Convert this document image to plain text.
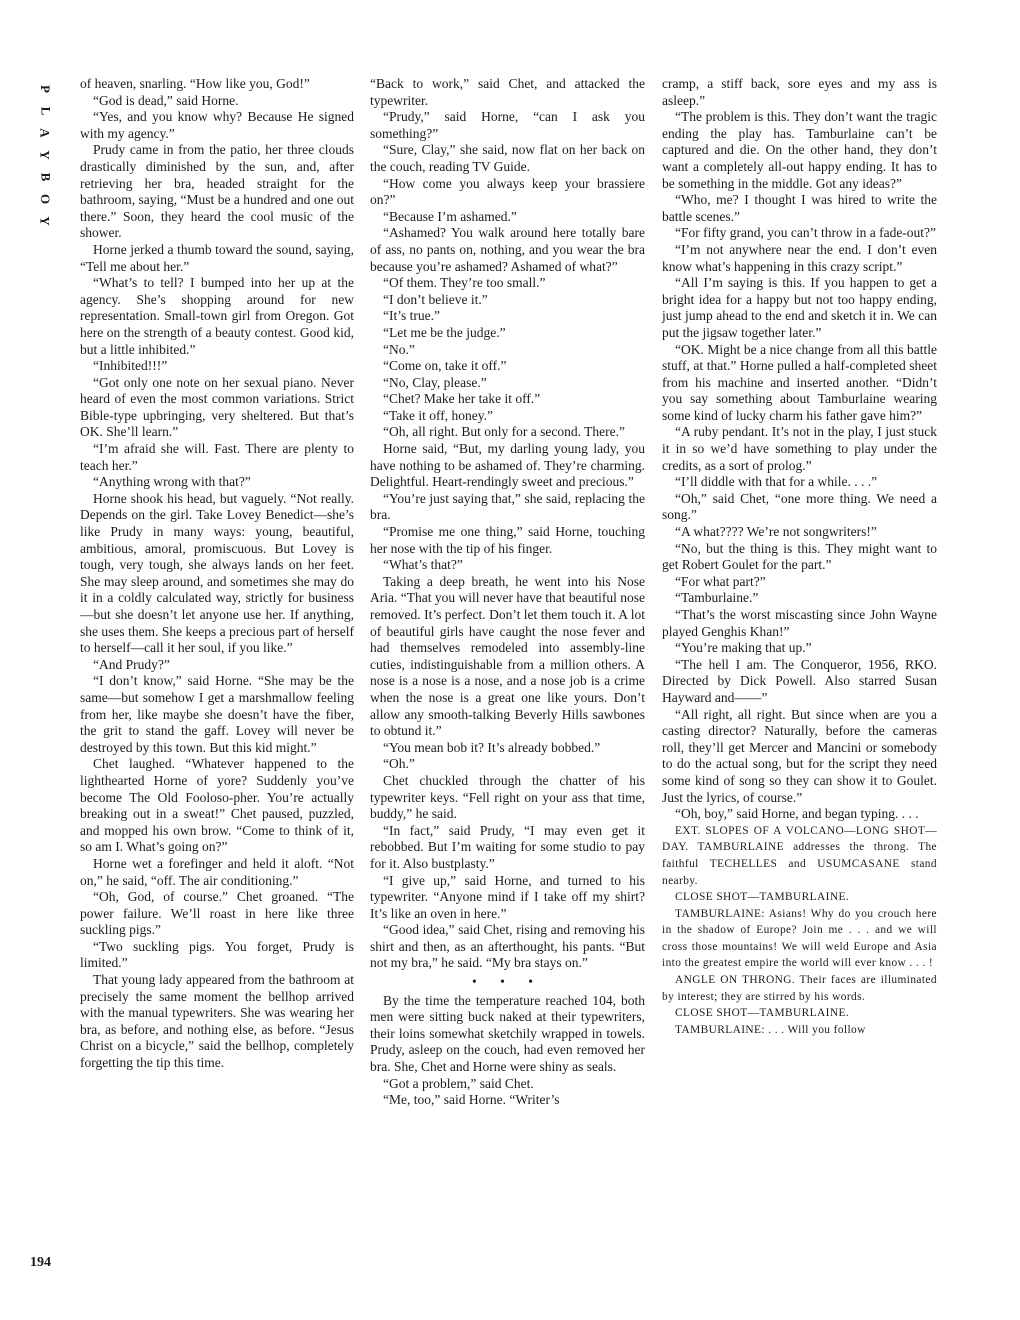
P
L
A
Y
B
O
Y
194

of heaven, snarling. “How like you, God!”

“God is dead,” said Horne.

“Yes, and you know why? Because He signed with my agency.”

Prudy came in from the patio, her three clouds drastically diminished by the sun, and, after retrieving her bra, headed straight for the bathroom, saying, “Must be a hundred and one out there.” Soon, they heard the cool music of the shower.

Horne jerked a thumb toward the sound, saying, “Tell me about her.”

“What’s to tell? I bumped into her up at the agency. She’s shopping around for new representation. Small-town girl from Oregon. Got here on the strength of a beauty contest. Good kid, but a little inhibited.”

“Inhibited!!!”

“Got only one note on her sexual piano. Never heard of even the most common variations. Strict Bible-type upbringing, very sheltered. But that’s OK. She’ll learn.”

“I’m afraid she will. Fast. There are plenty to teach her.”

“Anything wrong with that?”

Horne shook his head, but vaguely. “Not really. Depends on the girl. Take Lovey Benedict—she’s like Prudy in many ways: young, beautiful, ambitious, amoral, promiscuous. But Lovey is tough, very tough, she always lands on her feet. She may sleep around, and sometimes she may do it in a coldly calculated way, strictly for business—but she doesn’t let anyone use her. If anything, she uses them. She keeps a precious part of herself to herself—call it her soul, if you like.”

“And Prudy?”

“I don’t know,” said Horne. “She may be the same—but somehow I get a marshmallow feeling from her, like maybe she doesn’t have the fiber, the grit to stand the gaff. Lovey will never be destroyed by this town. But this kid might.”

Chet laughed. “Whatever happened to the lighthearted Horne of yore? Suddenly you’ve become The Old Fooloso-pher. You’re actually breaking out in a sweat!” Chet paused, puzzled, and mopped his own brow. “Come to think of it, so am I. What’s going on?”

Horne wet a forefinger and held it aloft. “Not on,” he said, “off. The air conditioning.”

“Oh, God, of course.” Chet groaned. “The power failure. We’ll roast in here like three suckling pigs.”

“Two suckling pigs. You forget, Prudy is limited.”

That young lady appeared from the bathroom at precisely the same moment the bellhop arrived with the manual typewriters. She was wearing her bra, as before, and nothing else, as before. “Jesus Christ on a bicycle,” said the bellhop, completely forgetting the tip this time.

“Back to work,” said Chet, and attacked the typewriter.

“Prudy,” said Horne, “can I ask you something?”

“Sure, Clay,” she said, now flat on her back on the couch, reading TV Guide.

“How come you always keep your brassiere on?”

“Because I’m ashamed.”

“Ashamed? You walk around here totally bare of ass, no pants on, nothing, and you wear the bra because you’re ashamed? Ashamed of what?”

“Of them. They’re too small.”

“I don’t believe it.”

“It’s true.”

“Let me be the judge.”

“No.”

“Come on, take it off.”

“No, Clay, please.”

“Chet? Make her take it off.”

“Take it off, honey.”

“Oh, all right. But only for a second. There.”

Horne said, “But, my darling young lady, you have nothing to be ashamed of. They’re charming. Delightful. Heart-rendingly sweet and precious.”

“You’re just saying that,” she said, replacing the bra.

“Promise me one thing,” said Horne, touching her nose with the tip of his finger.

“What’s that?”

Taking a deep breath, he went into his Nose Aria. “That you will never have that beautiful nose removed. It’s perfect. Don’t let them touch it. A lot of beautiful girls have caught the nose fever and had themselves remodeled into assembly-line cuties, indistinguishable from a million others. A nose is a nose is a nose, and a nose job is a crime when the nose is a great one like yours. Don’t allow any smooth-talking Beverly Hills sawbones to obtund it.”

“You mean bob it? It’s already bobbed.”

“Oh.”

Chet chuckled through the chatter of his typewriter keys. “Fell right on your ass that time, buddy,” he said.

“In fact,” said Prudy, “I may even get it rebobbed. But I’m waiting for some studio to pay for it. Also bustplasty.”

“I give up,” said Horne, and turned to his typewriter. “Anyone mind if I take off my shirt? It’s like an oven in here.”

“Good idea,” said Chet, rising and removing his shirt and then, as an afterthought, his pants. “But not my bra,” he said. “My bra stays on.”

• • •

By the time the temperature reached 104, both men were sitting buck naked at their typewriters, their loins somewhat sketchily wrapped in towels. Prudy, asleep on the couch, had even removed her bra. She, Chet and Horne were shiny as seals.

“Got a problem,” said Chet.

“Me, too,” said Horne. “Writer’s

cramp, a stiff back, sore eyes and my ass is asleep.”

“The problem is this. They don’t want the tragic ending the play has. Tamburlaine can’t be captured and die. On the other hand, they don’t want a completely all-out happy ending. It has to be something in the middle. Got any ideas?”

“Who, me? I thought I was hired to write the battle scenes.”

“For fifty grand, you can’t throw in a fade-out?”

“I’m not anywhere near the end. I don’t even know what’s happening in this crazy script.”

“All I’m saying is this. If you happen to get a bright idea for a happy but not too happy ending, just jump ahead to the end and sketch it in. We can put the jigsaw together later.”

“OK. Might be a nice change from all this battle stuff, at that.” Horne pulled a half-completed sheet from his machine and inserted another. “Didn’t you say something about Tamburlaine wearing some kind of lucky charm his father gave him?”

“A ruby pendant. It’s not in the play, I just stuck it in so we’d have something to play under the credits, as a sort of prolog.”

“I’ll diddle with that for a while. . . .”

“Oh,” said Chet, “one more thing. We need a song.”

“A what???? We’re not songwriters!”

“No, but the thing is this. They might want to get Robert Goulet for the part.”

“For what part?”

“Tamburlaine.”

“That’s the worst miscasting since John Wayne played Genghis Khan!”

“You’re making that up.”

“The hell I am. The Conqueror, 1956, RKO. Directed by Dick Powell. Also starred Susan Hayward and——”

“All right, all right. But since when are you a casting director? Naturally, before the cameras roll, they’ll get Mercer and Mancini or somebody to do the actual song, but for the script they need some kind of song so they can show it to Goulet. Just the lyrics, of course.”

“Oh, boy,” said Horne, and began typing. . . .

EXT. SLOPES OF A VOLCANO—LONG SHOT—DAY. TAMBURLAINE addresses the throng. The faithful TECHELLES and USUMCASANE stand nearby.

CLOSE SHOT—TAMBURLAINE.

TAMBURLAINE: Asians! Why do you crouch here in the shadow of Europe? Join me . . . and we will cross those mountains! We will weld Europe and Asia into the greatest empire the world will ever know . . . !

ANGLE ON THRONG. Their faces are illuminated by interest; they are stirred by his words.

CLOSE SHOT—TAMBURLAINE.

TAMBURLAINE: . . . Will you follow
